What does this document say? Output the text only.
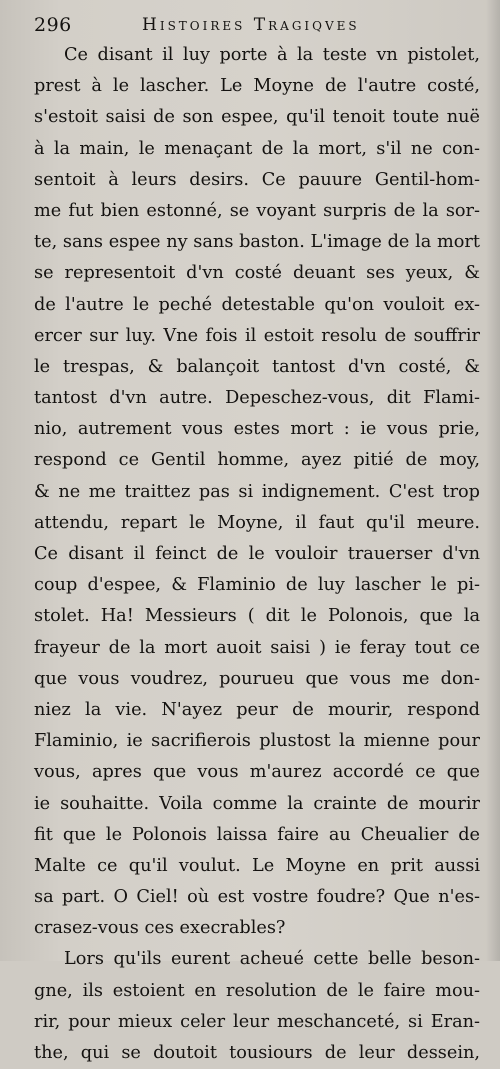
296	Histoires Tragiqves
Ce disant il luy porte à la teste vn pistolet,
prest à le lascher. Le Moyne de l'autre costé,
s'estoit saisi de son espee, qu'il tenoit toute nuë
à la main, le menaçant de la mort, s'il ne con-
sentoit à leurs desirs. Ce pauure Gentil-hom-
me fut bien estonné, se voyant surpris de la sor-
te, sans espee ny sans baston. L'image de la mort
se representoit d'vn costé deuant ses yeux, &
de l'autre le peché detestable qu'on vouloit ex-
ercer sur luy. Vne fois il estoit resolu de souffrir
le trespas, & balançoit tantost d'vn costé, &
tantost d'vn autre. Depeschez-vous, dit Flami-
nio, autrement vous estes mort : ie vous prie,
respond ce Gentil homme, ayez pitié de moy,
& ne me traittez pas si indignement. C'est trop
attendu, repart le Moyne, il faut qu'il meure.
Ce disant il feinct de le vouloir trauerser d'vn
coup d'espee, & Flaminio de luy lascher le pi-
stolet. Ha! Messieurs ( dit le Polonois, que la
frayeur de la mort auoit saisi ) ie feray tout ce
que vous voudrez, pourueu que vous me don-
niez la vie. N'ayez peur de mourir, respond
Flaminio, ie sacrifierois plustost la mienne pour
vous, apres que vous m'aurez accordé ce que
ie souhaitte. Voila comme la crainte de mourir
fit que le Polonois laissa faire au Cheualier de
Malte ce qu'il voulut. Le Moyne en prit aussi
sa part. O Ciel! où est vostre foudre? Que n'es-
crasez-vous ces execrables?
Lors qu'ils eurent acheué cette belle beson-
gne, ils estoient en resolution de le faire mou-
rir, pour mieux celer leur meschanceté, si Eran-
the, qui se doutoit tousiours de leur dessein,
